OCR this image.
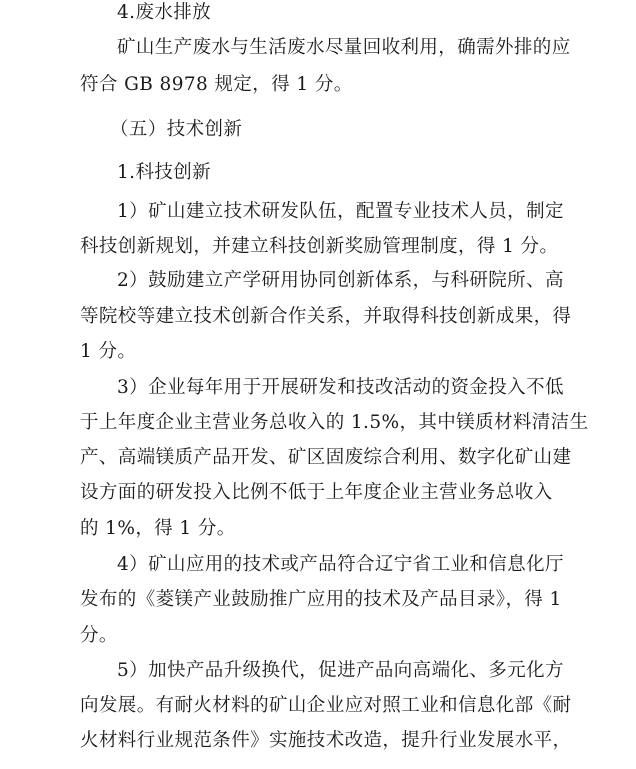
4.废水排放
矿山生产废水与生活废水尽量回收利用，确需外排的应
符合 GB 8978 规定，得 1 分。
（五）技术创新
1.科技创新
1）矿山建立技术研发队伍，配置专业技术人员，制定
科技创新规划，并建立科技创新奖励管理制度，得 1 分。
2）鼓励建立产学研用协同创新体系，与科研院所、高
等院校等建立技术创新合作关系，并取得科技创新成果，得
1 分。
3）企业每年用于开展研发和技改活动的资金投入不低
于上年度企业主营业务总收入的 1.5%，其中镁质材料清洁生
产、高端镁质产品开发、矿区固废综合利用、数字化矿山建
设方面的研发投入比例不低于上年度企业主营业务总收入
的 1%，得 1 分。
4）矿山应用的技术或产品符合辽宁省工业和信息化厅
发布的《菱镁产业鼓励推广应用的技术及产品目录》，得 1
分。
5）加快产品升级换代，促进产品向高端化、多元化方
向发展。有耐火材料的矿山企业应对照工业和信息化部《耐
火材料行业规范条件》实施技术改造，提升行业发展水平，
